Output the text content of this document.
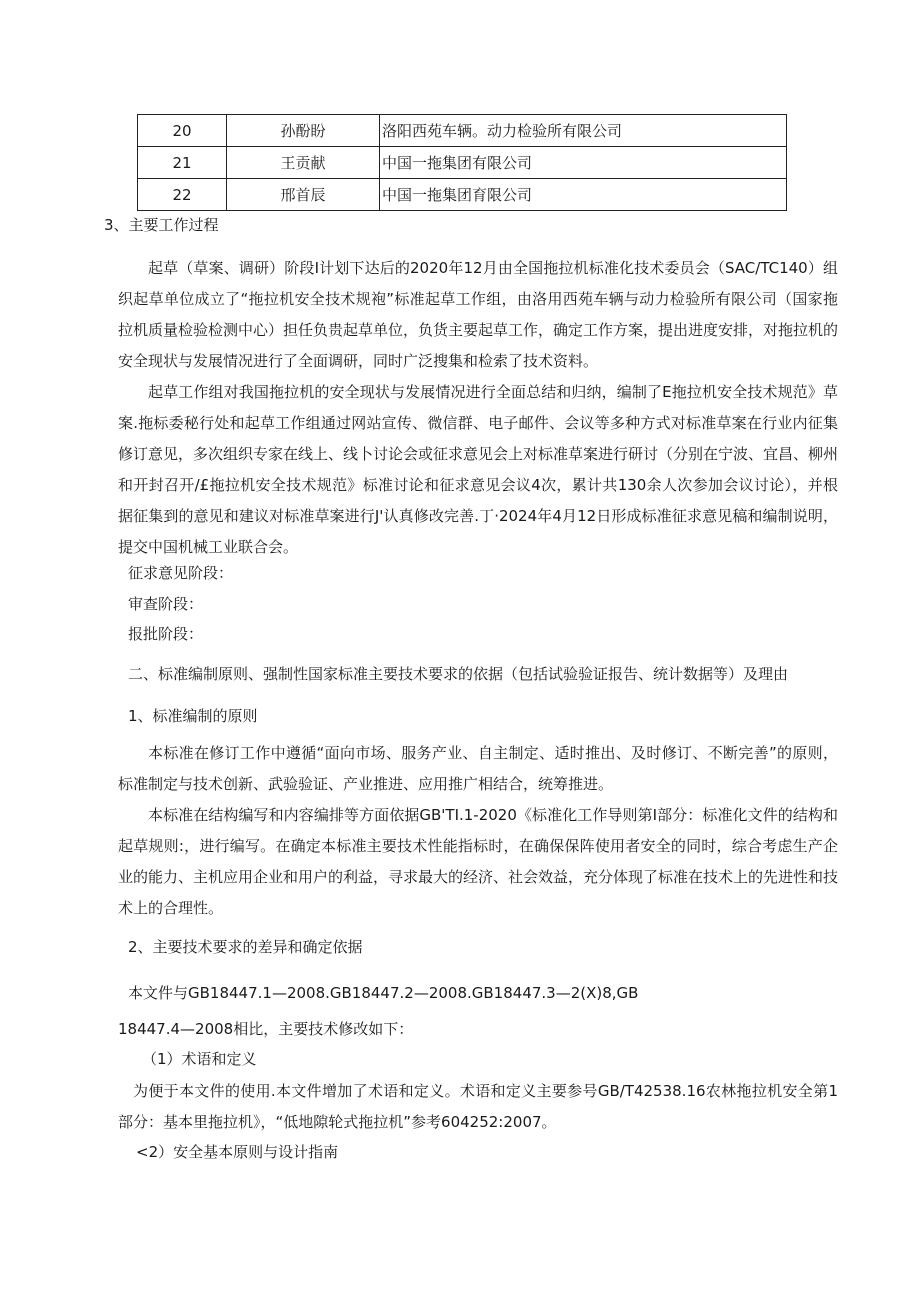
20	孙酚盼	洛阳西苑车辆。动力检验所有限公司
21	王贡献	中国一拖集团有限公司
22	邢首辰	中国一拖集团育限公司
3、主要工作过程

起草（草案、调研）阶段I计划下达后的2020年12月由全国拖拉机标准化技术委员会（SAC/TC140）组织起草单位成立了“拖拉机安全技术规袍”标准起草工作组，由洛用西苑车辆与动力检验所有限公司（国家拖拉机质量检验检测中心）担任负贵起草单位，负货主要起草工作，确定工作方案，提出进度安排，对拖拉机的安全现状与发展情况进行了全面调研，同时广泛搜集和检索了技术资料。

起草工作组对我国拖拉机的安全现状与发展情况进行全面总结和归纳，编制了E拖拉机安全技术规范》草案.拖标委秘行处和起草工作组通过网站宣传、微信群、电子邮件、会议等多种方式对标准草案在行业内征集修订意见，多次组织专家在线上、线卜讨论会或征求意见会上对标准草案进行研讨（分别在宁波、宜昌、柳州和开封召开/£拖拉机安全技术规范》标准讨论和征求意见会议4次，累计共130余人次参加会议讨论），并根据征集到的意见和建议对标准草案进行J'认真修改完善.丁·2024年4月12日形成标准征求意见稿和编制说明，提交中国机械工业联合会。

征求意见阶段：
审查阶段：
报批阶段：
二、标准编制原则、强制性国家标准主要技术要求的依据（包括试验验证报告、统计数据等）及理由
1、标准编制的原则

本标准在修订工作中遵循“面向市场、服务产业、自主制定、适时推出、及时修订、不断完善”的原则，标准制定与技术创新、武验验证、产业推进、应用推广相结合，统筹推进。

本标准在结构编写和内容编排等方面依据GB'TI.1-2020《标准化工作导则第I部分：标准化文件的结构和起草规则:，进行编写。在确定本标准主要技术性能指标时，在确保保阵使用者安全的同时，综合考虑生产企业的能力、主机应用企业和用户的利益，寻求最大的经济、社会效益，充分体现了标准在技术上的先进性和技术上的合理性。

2、主要技术要求的差异和确定依据
本文件与GB18447.1—2008.GB18447.2—2008.GB18447.3—2(X)8,GB
18447.4—2008相比，主要技术修改如下：
（1）术语和定义

为便于本文件的使用.本文件增加了术语和定义。术语和定义主要参号GB/T42538.16农林拖拉机安全第1部分：基本里拖拉机》，“低地隙轮式拖拉机”参考604252:2007。

<2）安全基本原则与设计指南
